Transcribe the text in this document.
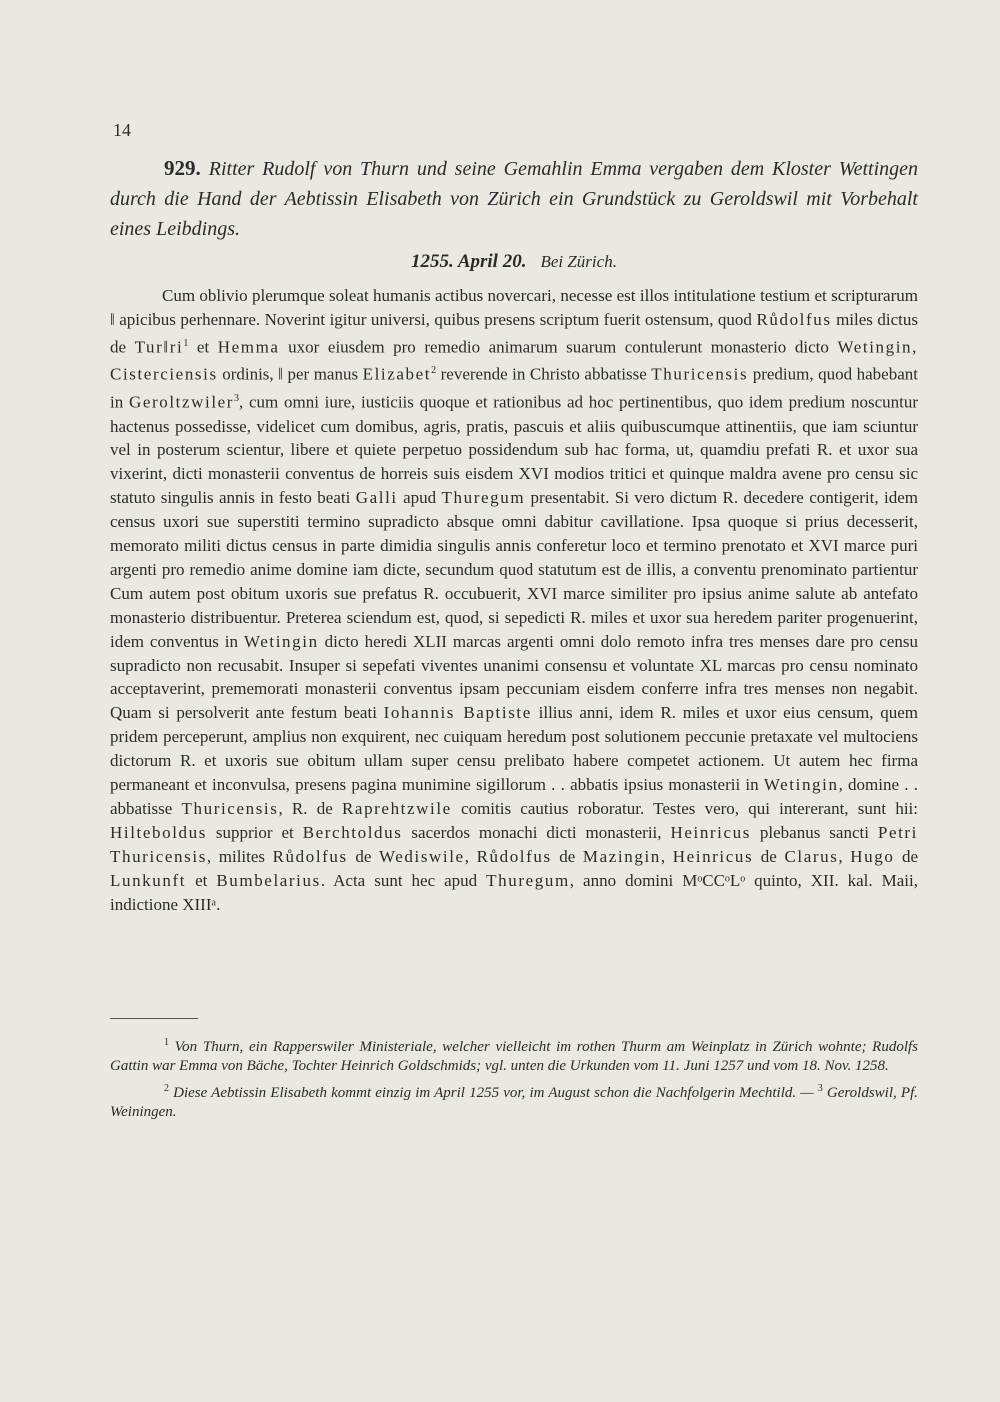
14
929. Ritter Rudolf von Thurn und seine Gemahlin Emma vergaben dem Kloster Wettingen durch die Hand der Aebtissin Elisabeth von Zürich ein Grundstück zu Geroldswil mit Vorbehalt eines Leibdings.
1255. April 20. Bei Zürich.

Cum oblivio plerumque soleat humanis actibus novercari, necesse est illos intitulatione testium et scripturarum ‖ apicibus perhennare. Noverint igitur universi, quibus presens scriptum fuerit ostensum, quod Růdolfus miles dictus de $Tur‖ri^1$ et Hemma uxor eiusdem pro remedio animarum suarum contulerunt monasterio dicto Wetingin, Cisterciensis ordinis, ‖ per manus Elizabet$^2$ reverende in Christo abbatisse Thuricensis predium, quod habebant in Geroltzwiler$^3$, cum omni iure, iusticiis quoque et rationibus ad hoc pertinentibus, quo idem predium noscuntur hactenus possedisse, videlicet cum domibus, agris, pratis, pascuis et aliis quibuscumque attinentiis, que iam sciuntur vel in posterum scientur, libere et quiete perpetuo possidendum sub hac forma, ut, quamdiu prefati R. et uxor sua vixerint, dicti monasterii conventus de horreis suis eisdem XVI modios tritici et quinque maldra avene pro censu sic statuto singulis annis in festo beati Galli apud Thuregum presentabit. Si vero dictum R. decedere contigerit, idem census uxori sue superstiti termino supradicto absque omni dabitur cavillatione. Ipsa quoque si prius decesserit, memorato militi dictus census in parte dimidia singulis annis conferetur loco et termino prenotato et XVI marce puri argenti pro remedio anime domine iam dicte, secundum quod statutum est de illis, a conventu prenominato partientur Cum autem post obitum uxoris sue prefatus R. occubuerit, XVI marce similiter pro ipsius anime salute ab antefato monasterio distribuentur. Preterea sciendum est, quod, si sepedicti R. miles et uxor sua heredem pariter progenuerint, idem conventus in Wetingin dicto heredi XLII marcas argenti omni dolo remoto infra tres menses dare pro censu supradicto non recusabit. Insuper si sepefati viventes unanimi consensu et voluntate XL marcas pro censu nominato acceptaverint, prememorati monasterii conventus ipsam peccuniam eisdem conferre infra tres menses non negabit. Quam si persolverit ante festum beati Iohannis Baptiste illius anni, idem R. miles et uxor eius censum, quem pridem perceperunt, amplius non exquirent, nec cuiquam heredum post solutionem peccunie pretaxate vel multociens dictorum R. et uxoris sue obitum ullam super censu prelibato habere competet actionem. Ut autem hec firma permaneant et inconvulsa, presens pagina munimine sigillorum . . abbatis ipsius monasterii in Wetingin, domine . . abbatisse Thuricensis, R. de Raprehtzwile comitis cautius roboratur. Testes vero, qui intererant, sunt hii: Hilteboldus supprior et Berchtoldus sacerdos monachi dicti monasterii, Heinricus plebanus sancti Petri Thuricensis, milites Růdolfus de Wediswile, Růdolfus de Mazingin, Heinricus de Clarus, Hugo de Lunkunft et Bumbelarius. Acta sunt hec apud Thuregum, anno domini MᵒCCᵒLᵒ quinto, XII. kal. Maii, indictione XIIIᵃ.

$^1$ Von Thurn, ein Rapperswiler Ministeriale, welcher vielleicht im rothen Thurm am Weinplatz in Zürich wohnte; Rudolfs Gattin war Emma von Bäche, Tochter Heinrich Goldschmids; vgl. unten die Urkunden vom 11. Juni 1257 und vom 18. Nov. 1258.

$^2$ Diese Aebtissin Elisabeth kommt einzig im April 1255 vor, im August schon die Nachfolgerin Mechtild. — $^3$ Geroldswil, Pf. Weiningen.
